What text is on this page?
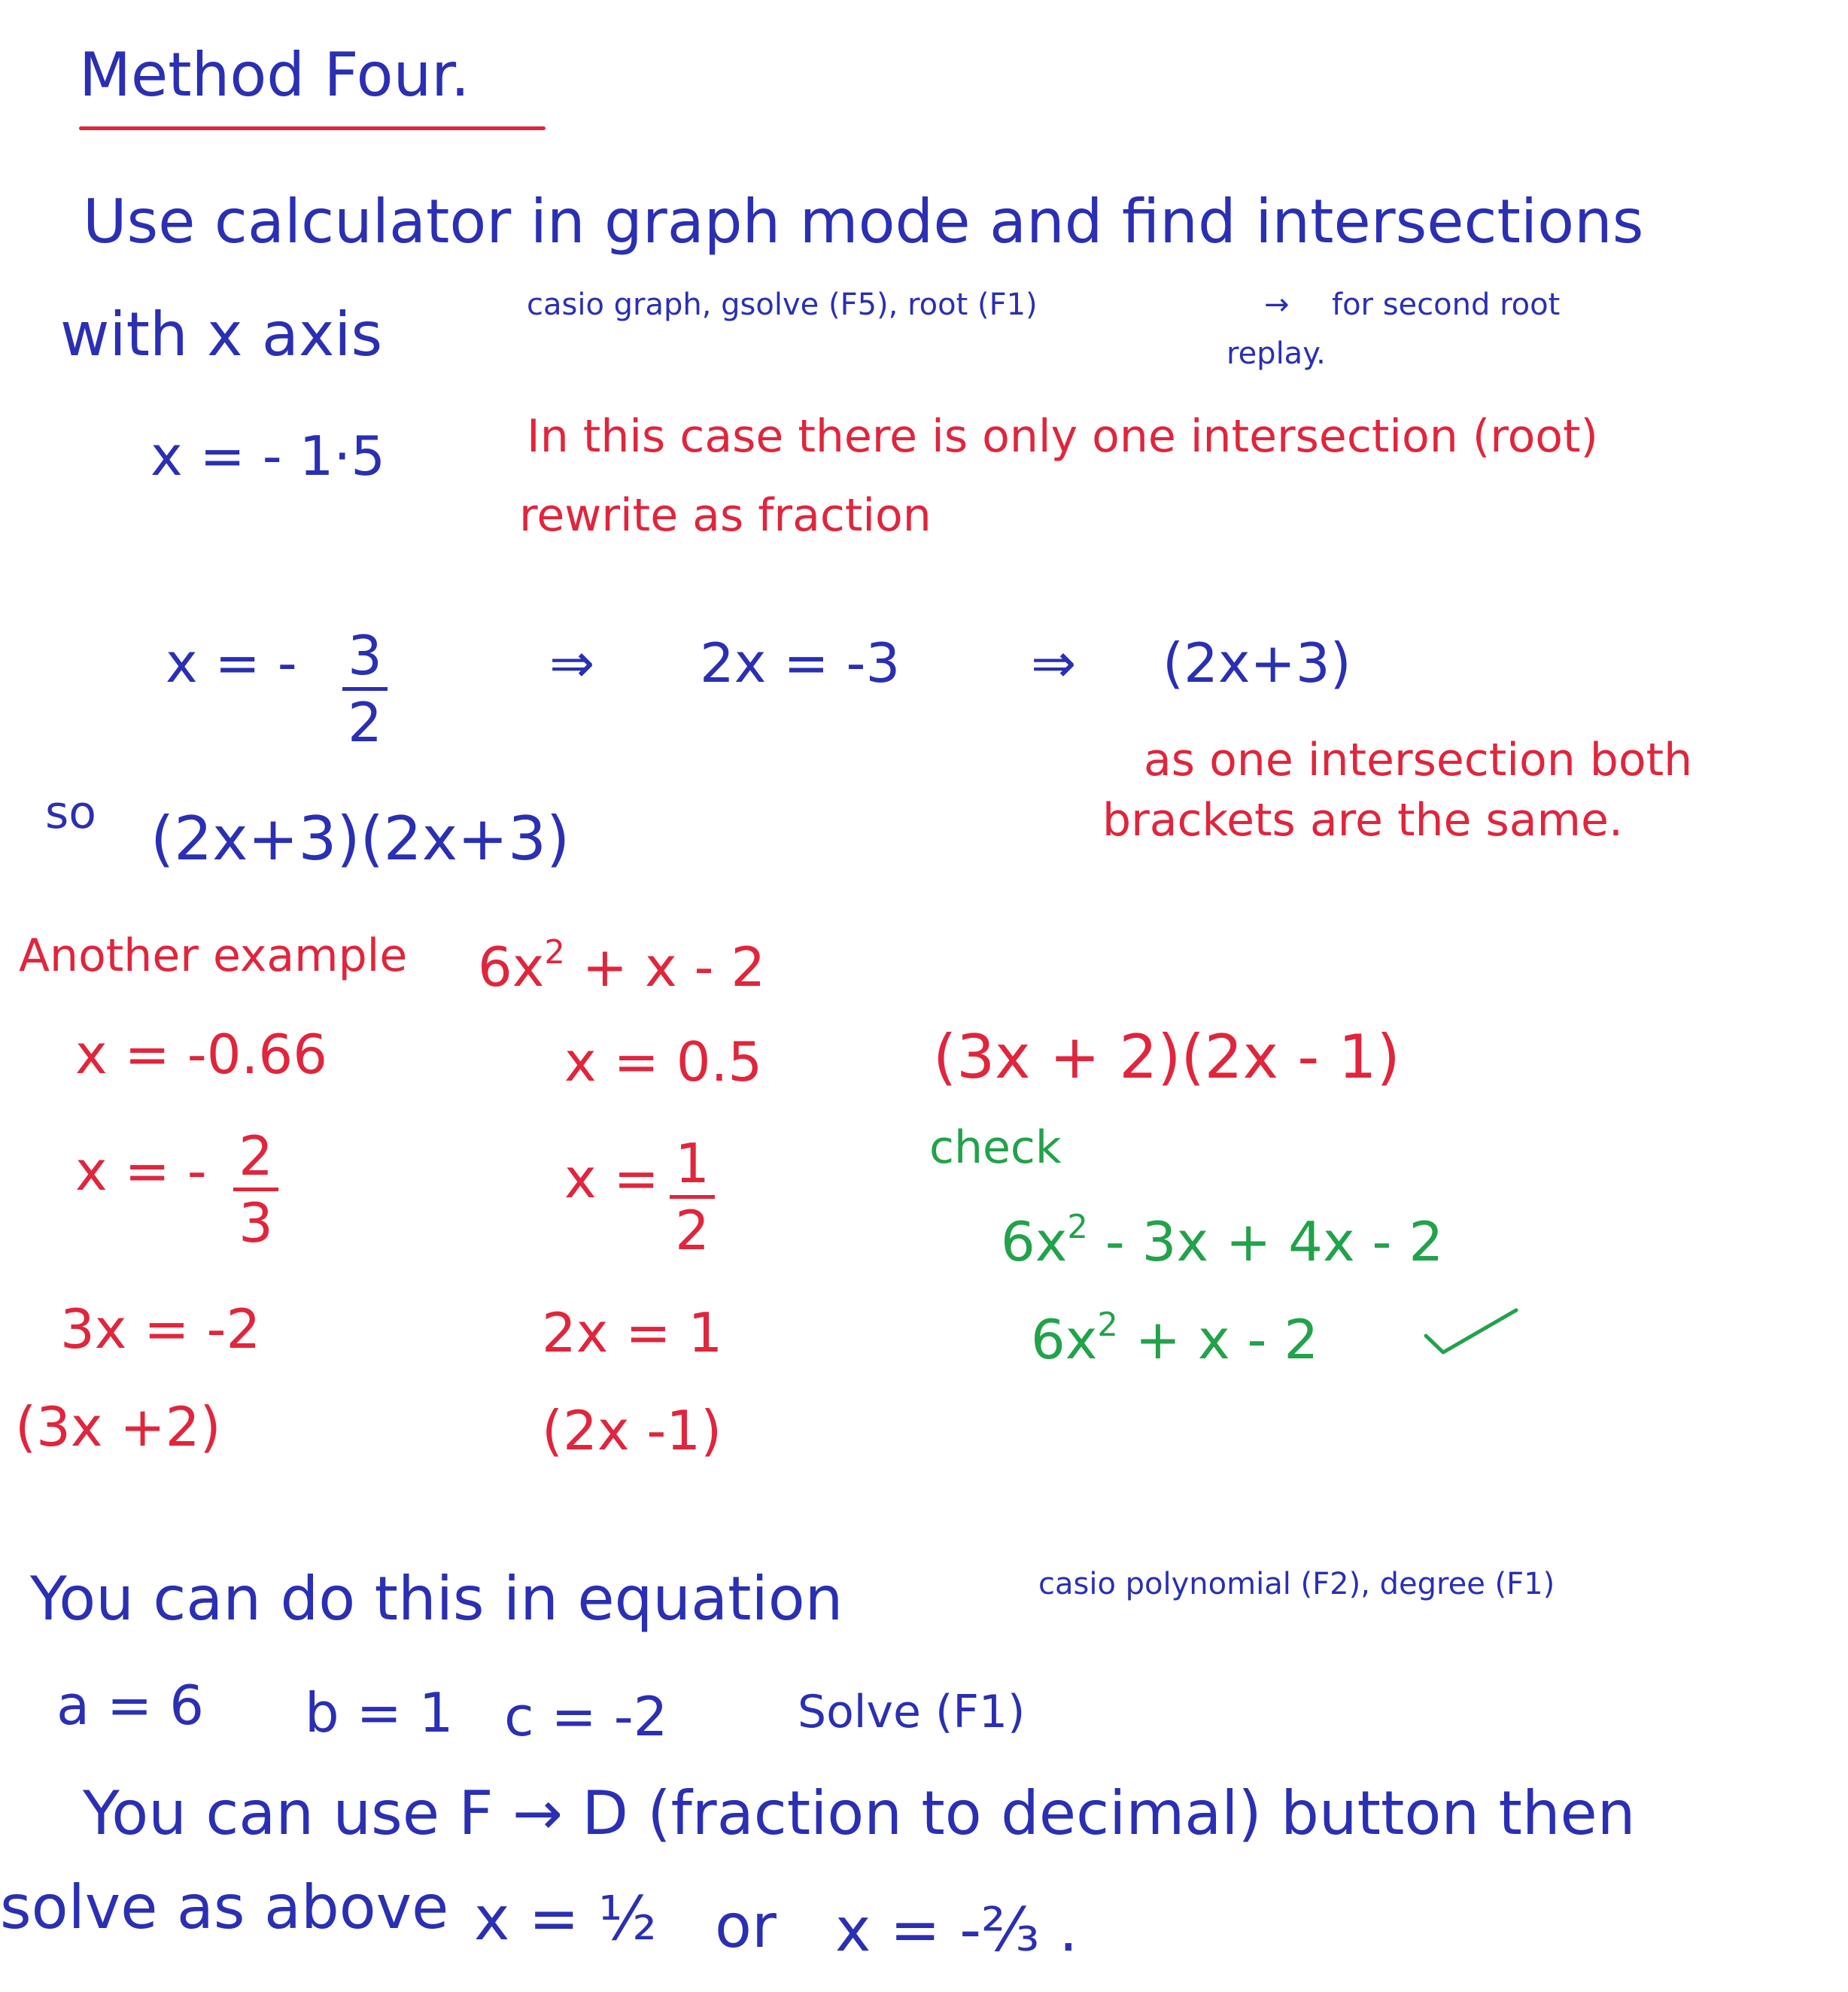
Method Four.
Use calculator in graph mode and find intersections
with x axis	casio graph, gsolve (F5), root (F1)	→ for second root
replay.
x = - 1·5	In this case there is only one intersection (root)
rewrite as fraction
x = - 3
2
⇒ 2x = -3 ⇒ (2x+3)
as one intersection both
brackets are the same.
so (2x+3)(2x+3)
Another example $6x^2 + x - 2$
x = -0.66
x = - 2
3
3x = -2
(3x +2)
x = 0.5
x = 1
2
2x = 1
(2x -1)
(3x + 2)(2x - 1)
check
$6x^2 - 3x + 4x - 2$
$6x^2 + x - 2$
You can do this in equation	casio polynomial (F2), degree (F1)
a = 6 b = 1 c = -2	Solve (F1)
You can use F → D (fraction to decimal) button then
solve as above x = ½ or x = -⅔ .
